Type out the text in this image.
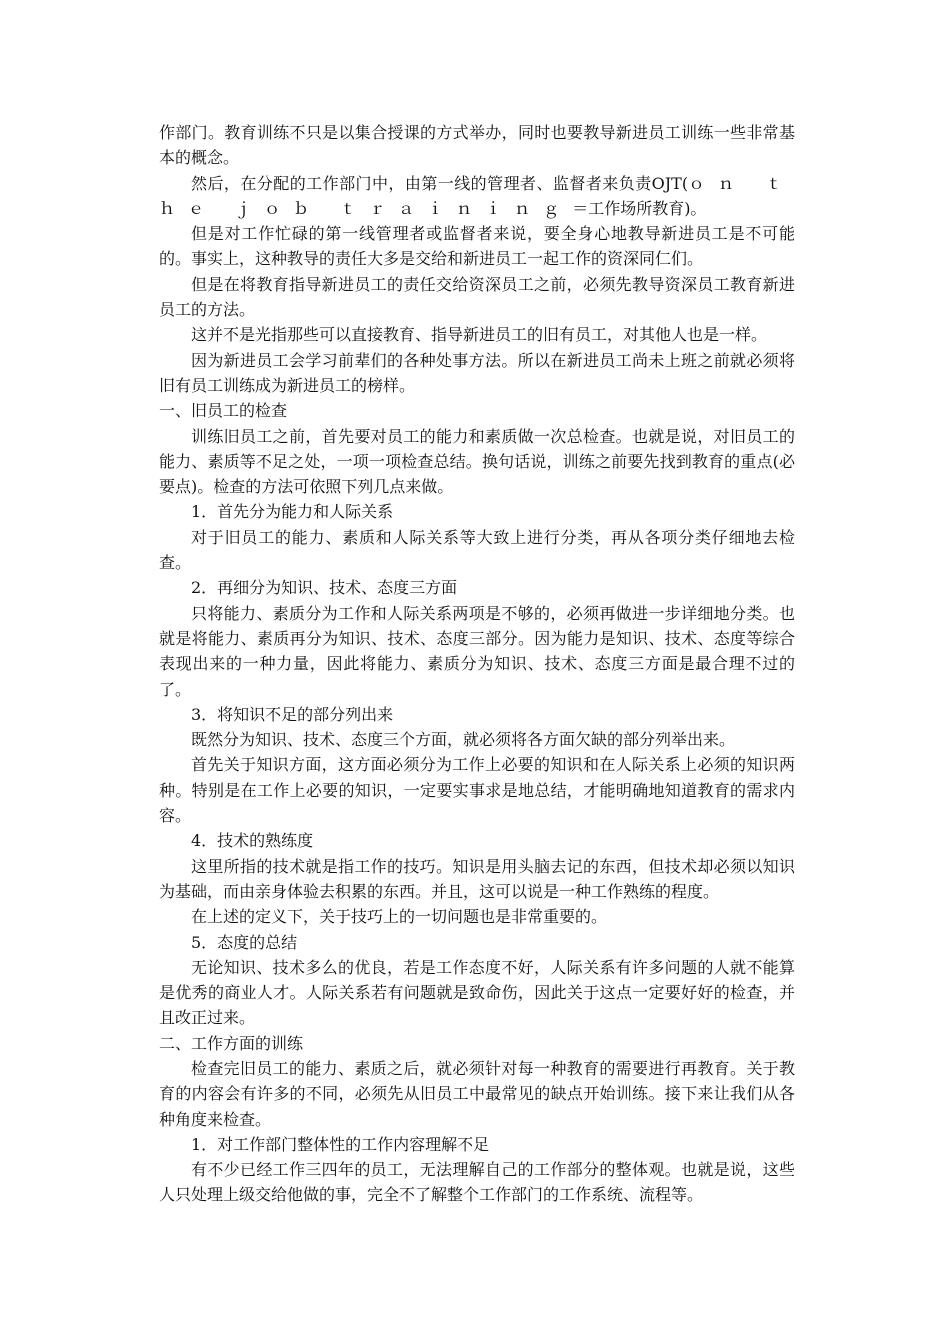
作部门。教育训练不只是以集合授课的方式举办，同时也要教导新进员工训练一些非常基本的概念。

然后，在分配的工作部门中，由第一线的管理者、监督者来负责OJT(ｏｎ ｔｈｅ ｊｏｂ ｔｒａｉｎｉｎｇ＝工作场所教育)。

但是对工作忙碌的第一线管理者或监督者来说，要全身心地教导新进员工是不可能的。事实上，这种教导的责任大多是交给和新进员工一起工作的资深同仁们。

但是在将教育指导新进员工的责任交给资深员工之前，必须先教导资深员工教育新进员工的方法。

这并不是光指那些可以直接教育、指导新进员工的旧有员工，对其他人也是一样。

因为新进员工会学习前辈们的各种处事方法。所以在新进员工尚未上班之前就必须将旧有员工训练成为新进员工的榜样。

一、旧员工的检查

训练旧员工之前，首先要对员工的能力和素质做一次总检查。也就是说，对旧员工的能力、素质等不足之处，一项一项检查总结。换句话说，训练之前要先找到教育的重点(必要点)。检查的方法可依照下列几点来做。

1．首先分为能力和人际关系

对于旧员工的能力、素质和人际关系等大致上进行分类，再从各项分类仔细地去检查。

2．再细分为知识、技术、态度三方面

只将能力、素质分为工作和人际关系两项是不够的，必须再做进一步详细地分类。也就是将能力、素质再分为知识、技术、态度三部分。因为能力是知识、技术、态度等综合表现出来的一种力量，因此将能力、素质分为知识、技术、态度三方面是最合理不过的了。

3．将知识不足的部分列出来

既然分为知识、技术、态度三个方面，就必须将各方面欠缺的部分列举出来。

首先关于知识方面，这方面必须分为工作上必要的知识和在人际关系上必须的知识两种。特别是在工作上必要的知识，一定要实事求是地总结，才能明确地知道教育的需求内容。

4．技术的熟练度

这里所指的技术就是指工作的技巧。知识是用头脑去记的东西，但技术却必须以知识为基础，而由亲身体验去积累的东西。并且，这可以说是一种工作熟练的程度。

在上述的定义下，关于技巧上的一切问题也是非常重要的。

5．态度的总结

无论知识、技术多么的优良，若是工作态度不好，人际关系有许多问题的人就不能算是优秀的商业人才。人际关系若有问题就是致命伤，因此关于这点一定要好好的检查，并且改正过来。

二、工作方面的训练

检查完旧员工的能力、素质之后，就必须针对每一种教育的需要进行再教育。关于教育的内容会有许多的不同，必须先从旧员工中最常见的缺点开始训练。接下来让我们从各种角度来检查。

1．对工作部门整体性的工作内容理解不足

有不少已经工作三四年的员工，无法理解自己的工作部分的整体观。也就是说，这些人只处理上级交给他做的事，完全不了解整个工作部门的工作系统、流程等。
